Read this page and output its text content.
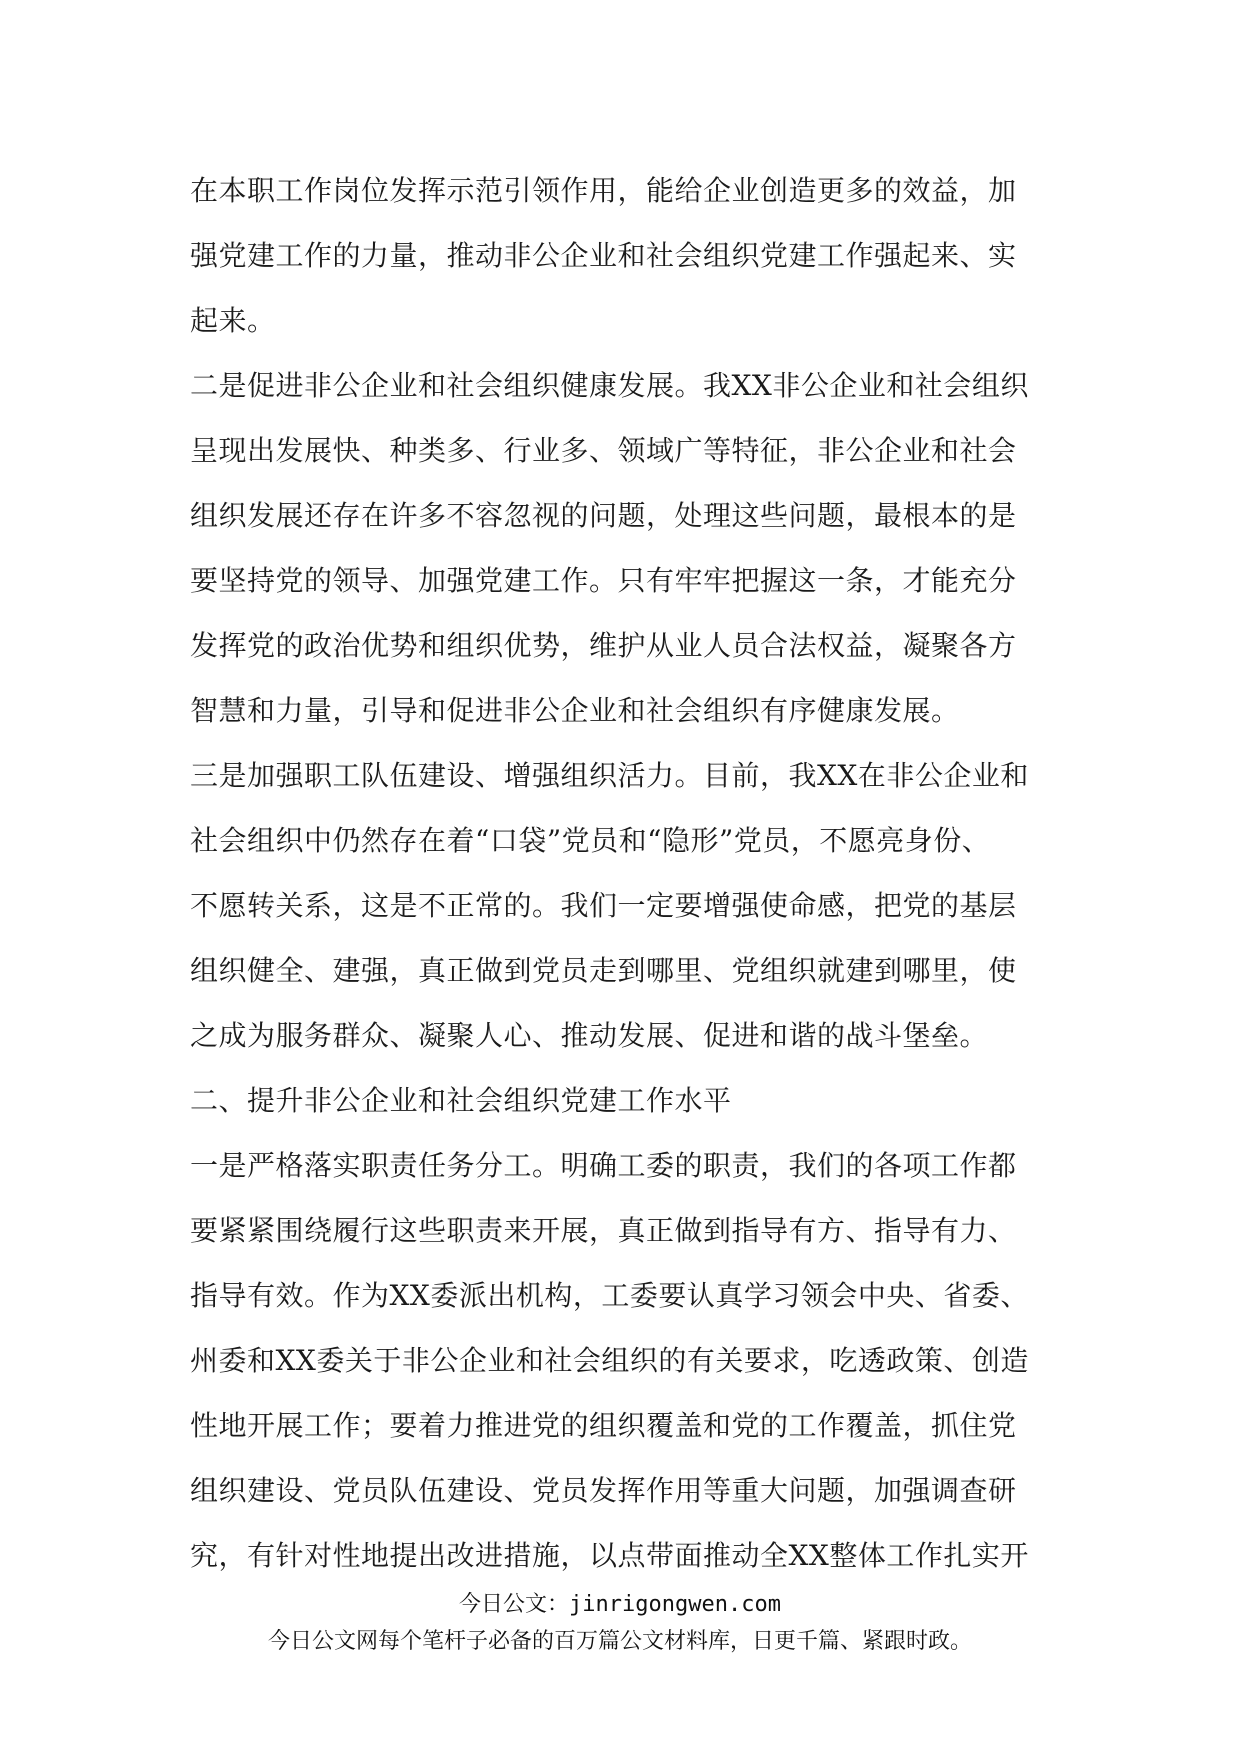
在本职工作岗位发挥示范引领作用，能给企业创造更多的效益，加
强党建工作的力量，推动非公企业和社会组织党建工作强起来、实
起来。
二是促进非公企业和社会组织健康发展。我XX非公企业和社会组织
呈现出发展快、种类多、行业多、领域广等特征，非公企业和社会
组织发展还存在许多不容忽视的问题，处理这些问题，最根本的是
要坚持党的领导、加强党建工作。只有牢牢把握这一条，才能充分
发挥党的政治优势和组织优势，维护从业人员合法权益，凝聚各方
智慧和力量，引导和促进非公企业和社会组织有序健康发展。
三是加强职工队伍建设、增强组织活力。目前，我XX在非公企业和
社会组织中仍然存在着“口袋”党员和“隐形”党员，不愿亮身份、
不愿转关系，这是不正常的。我们一定要增强使命感，把党的基层
组织健全、建强，真正做到党员走到哪里、党组织就建到哪里，使
之成为服务群众、凝聚人心、推动发展、促进和谐的战斗堡垒。
二、提升非公企业和社会组织党建工作水平
一是严格落实职责任务分工。明确工委的职责，我们的各项工作都
要紧紧围绕履行这些职责来开展，真正做到指导有方、指导有力、
指导有效。作为XX委派出机构，工委要认真学习领会中央、省委、
州委和XX委关于非公企业和社会组织的有关要求，吃透政策、创造
性地开展工作；要着力推进党的组织覆盖和党的工作覆盖，抓住党
组织建设、党员队伍建设、党员发挥作用等重大问题，加强调查研
究，有针对性地提出改进措施，以点带面推动全XX整体工作扎实开
今日公文：jinrigongwen.com
今日公文网每个笔杆子必备的百万篇公文材料库，日更千篇、紧跟时政。
